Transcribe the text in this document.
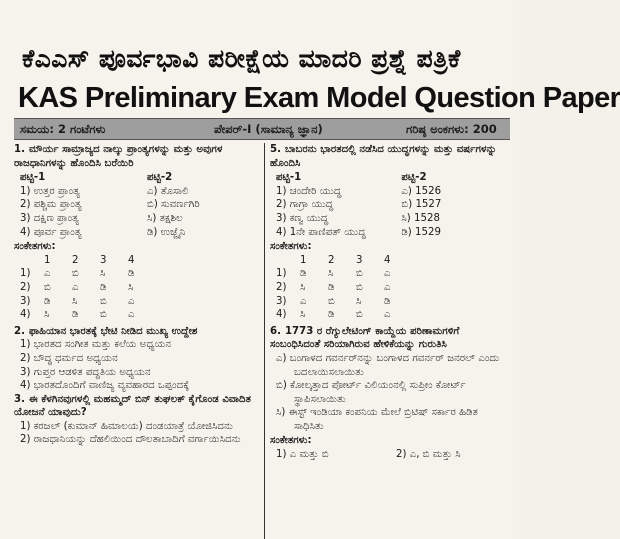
ಕೆಎಎಸ್ ಪೂರ್ವಭಾವಿ ಪರೀಕ್ಷೆಯ ಮಾದರಿ ಪ್ರಶ್ನೆ ಪತ್ರಿಕೆ
KAS Preliminary Exam Model Question Paper
ಸಮಯ: 2 ಗಂಟೆಗಳು	ಪೇಪರ್-I (ಸಾಮಾನ್ಯ ಜ್ಞಾನ)	ಗರಿಷ್ಠ ಅಂಕಗಳು: 200
1. ಮೌರ್ಯ ಸಾಮ್ರಾಜ್ಯದ ನಾಲ್ಕು ಪ್ರಾಂತ್ಯಗಳನ್ನು ಮತ್ತು ಅವುಗಳ ರಾಜಧಾನಿಗಳನ್ನು ಹೊಂದಿಸಿ ಬರೆಯಿರಿ
ಪಟ್ಟಿ-1	ಪಟ್ಟಿ-2
1) ಉತ್ತರ ಪ್ರಾಂತ್ಯ	ಎ) ತೊಸಾಲಿ
2) ಪಶ್ಚಿಮ ಪ್ರಾಂತ್ಯ	ಬಿ) ಸುವರ್ಣಗಿರಿ
3) ದಕ್ಷಿಣ ಪ್ರಾಂತ್ಯ	ಸಿ) ತಕ್ಷಶಿಲ
4) ಪೂರ್ವ ಪ್ರಾಂತ್ಯ	ಡಿ) ಉಜ್ಜೈನಿ
ಸಂಕೇತಗಳು:
1	2	3	4
1)	ಎ	ಬಿ	ಸಿ	ಡಿ
2)	ಬಿ	ಎ	ಡಿ	ಸಿ
3)	ಡಿ	ಸಿ	ಬಿ	ಎ
4)	ಸಿ	ಡಿ	ಬಿ	ಎ
2. ಫಾಹಿಯಾನ ಭಾರತಕ್ಕೆ ಭೇಟಿ ನೀಡಿದ ಮುಖ್ಯ ಉದ್ದೇಶ
1) ಭಾರತದ ಸಂಗೀತ ಮತ್ತು ಕಲೆಯ ಅಧ್ಯಯನ
2) ಬೌದ್ಧ ಧರ್ಮದ ಅಧ್ಯಯನ
3) ಗುಪ್ತರ ಆಡಳಿತ ಪದ್ಧತಿಯ ಅಧ್ಯಯನ
4) ಭಾರತದೊಂದಿಗೆ ವಾಣಿಜ್ಯ ವ್ಯವಹಾರದ ಒಪ್ಪಂದಕ್ಕೆ
3. ಈ ಕೆಳಗಿನವುಗಳಲ್ಲಿ ಮಹಮ್ಮದ್ ಬಿನ್ ತುಘಲಕ್ ಕೈಗೊಂಡ ವಿವಾದಿತ ಯೋಜನೆ ಯಾವುದು?
1) ಕರಜಲ್ (ಕುಮಾನ್ ಹಿಮಾಲಯ) ದಂಡಯಾತ್ರೆ ಯೋಜಿಸಿದನು
2) ರಾಜಧಾನಿಯನ್ನು ದೆಹಲಿಯಿಂದ ದೌಲತಾಬಾದಿಗೆ ವರ್ಗಾಯಿಸಿದನು
5. ಬಾಬರನು ಭಾರತದಲ್ಲಿ ನಡೆಸಿದ ಯುದ್ಧಗಳನ್ನು ಮತ್ತು ವರ್ಷಗಳನ್ನು ಹೊಂದಿಸಿ
ಪಟ್ಟಿ-1	ಪಟ್ಟಿ-2
1) ಚಂದೇರಿ ಯುದ್ಧ	ಎ) 1526
2) ಗಾಗ್ರಾ ಯುದ್ಧ	ಬಿ) 1527
3) ಕಣ್ವ ಯುದ್ಧ	ಸಿ) 1528
4) 1ನೇ ಪಾಣಿಪತ್ ಯುದ್ಧ	ಡಿ) 1529
ಸಂಕೇತಗಳು:
1	2	3	4
1)	ಡಿ	ಸಿ	ಬಿ	ಎ
2)	ಸಿ	ಡಿ	ಬಿ	ಎ
3)	ಎ	ಬಿ	ಸಿ	ಡಿ
4)	ಸಿ	ಡಿ	ಬಿ	ಎ
6. 1773 ರ ರೆಗ್ಯುಲೇಟಿಂಗ್ ಕಾಯ್ದೆಯ ಪರಿಣಾಮಗಳಿಗೆ ಸಂಬಂಧಿಸಿದಂತೆ ಸರಿಯಾಗಿರುವ ಹೇಳಿಕೆಯನ್ನು ಗುರುತಿಸಿ
ಎ) ಬಂಗಾಳದ ಗವರ್ನರ್‌ನನ್ನು ಬಂಗಾಳದ ಗವರ್ನರ್ ಜನರಲ್ ಎಂದು ಬದಲಾಯಿಸಲಾಯಿತು
ಬಿ) ಕೋಲ್ಕತ್ತಾದ ಪೋರ್ಟ್ ವಿಲಿಯಂನಲ್ಲಿ ಸುಪ್ರೀಂ ಕೋರ್ಟ್ ಸ್ಥಾಪಿಸಲಾಯಿತು
ಸಿ) ಈಸ್ಟ್ ಇಂಡಿಯಾ ಕಂಪನಿಯ ಮೇಲೆ ಬ್ರಿಟಿಷ್ ಸರ್ಕಾರ ಹಿಡಿತ ಸಾಧಿಸಿತು
ಸಂಕೇತಗಳು:
1) ಎ ಮತ್ತು ಬಿ	2) ಎ, ಬಿ ಮತ್ತು ಸಿ
